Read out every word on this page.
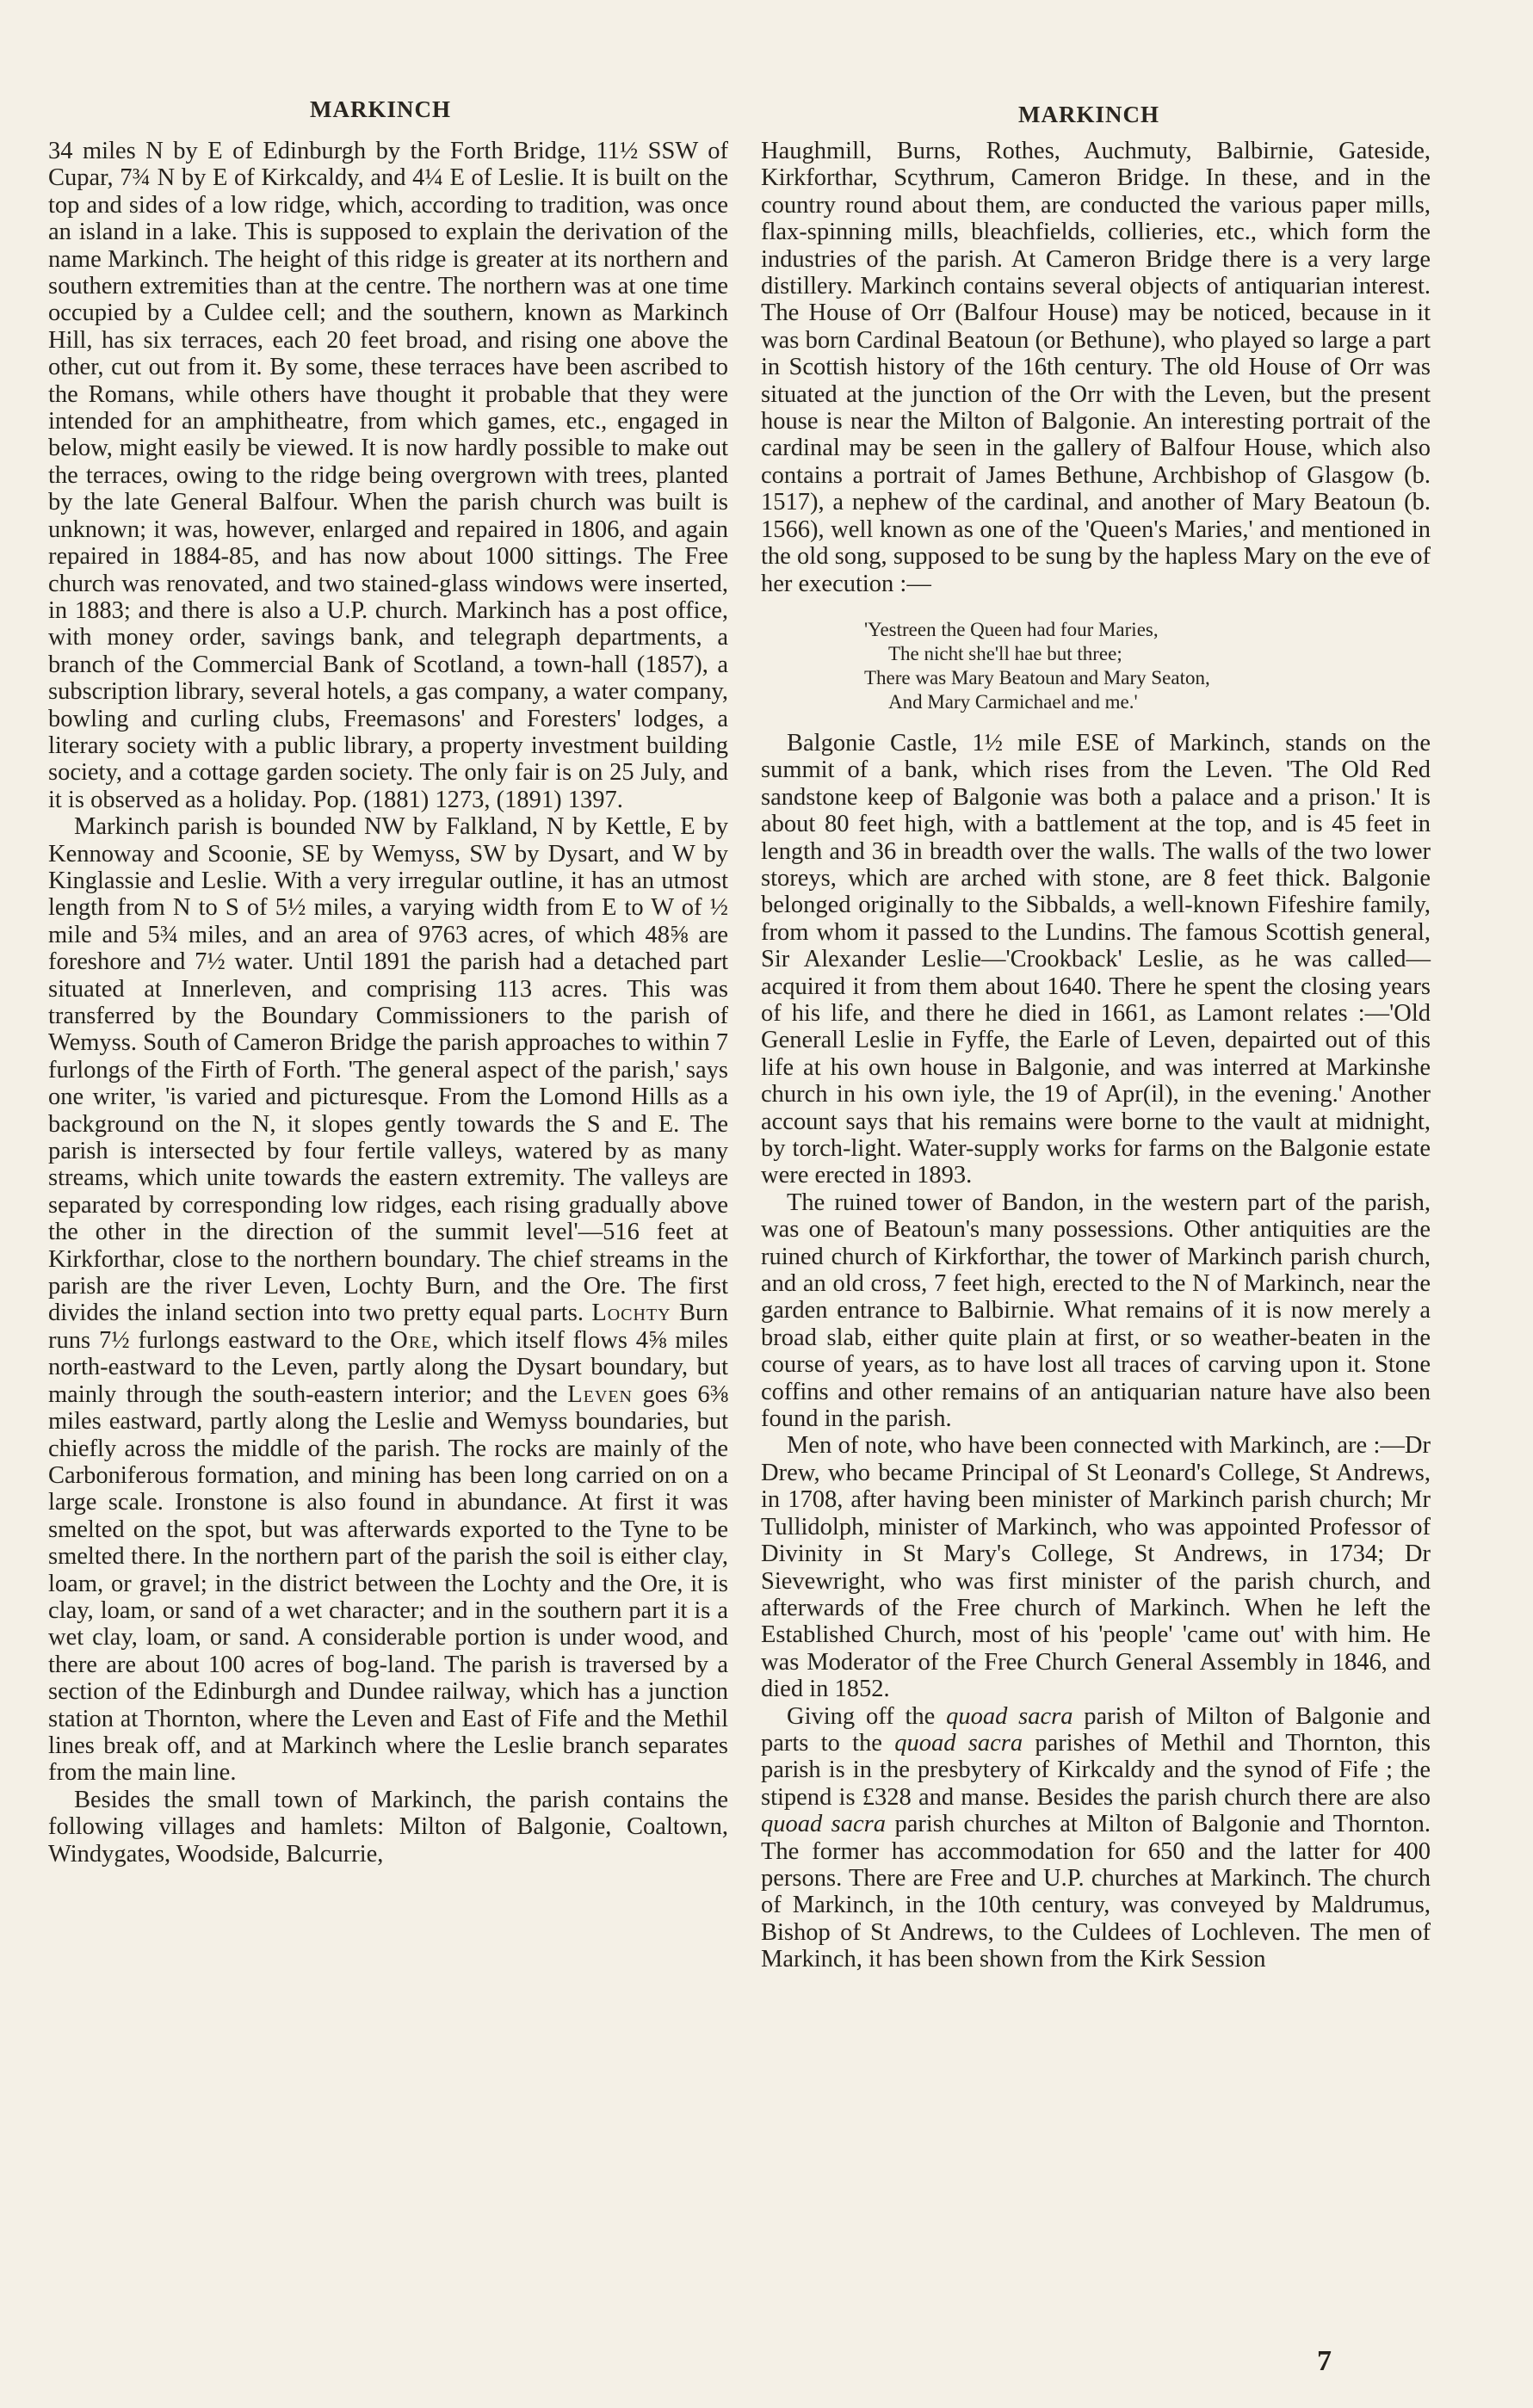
MARKINCH	MARKINCH

34 miles N by E of Edinburgh by the Forth Bridge, 11½ SSW of Cupar, 7¾ N by E of Kirkcaldy, and 4¼ E of Leslie. It is built on the top and sides of a low ridge, which, according to tradition, was once an island in a lake. This is supposed to explain the derivation of the name Markinch. The height of this ridge is greater at its northern and southern extremities than at the centre. The northern was at one time occupied by a Culdee cell; and the southern, known as Markinch Hill, has six terraces, each 20 feet broad, and rising one above the other, cut out from it. By some, these terraces have been ascribed to the Romans, while others have thought it probable that they were intended for an amphitheatre, from which games, etc., engaged in below, might easily be viewed. It is now hardly possible to make out the terraces, owing to the ridge being overgrown with trees, planted by the late General Balfour. When the parish church was built is unknown; it was, however, enlarged and repaired in 1806, and again repaired in 1884-85, and has now about 1000 sittings. The Free church was renovated, and two stained-glass windows were inserted, in 1883; and there is also a U.P. church. Markinch has a post office, with money order, savings bank, and telegraph departments, a branch of the Commercial Bank of Scotland, a town-hall (1857), a subscription library, several hotels, a gas company, a water company, bowling and curling clubs, Freemasons' and Foresters' lodges, a literary society with a public library, a property investment building society, and a cottage garden society. The only fair is on 25 July, and it is observed as a holiday. Pop. (1881) 1273, (1891) 1397.

Markinch parish is bounded NW by Falkland, N by Kettle, E by Kennoway and Scoonie, SE by Wemyss, SW by Dysart, and W by Kinglassie and Leslie. With a very irregular outline, it has an utmost length from N to S of 5½ miles, a varying width from E to W of ½ mile and 5¾ miles, and an area of 9763 acres, of which 48⅝ are foreshore and 7½ water. Until 1891 the parish had a detached part situated at Innerleven, and comprising 113 acres. This was transferred by the Boundary Commissioners to the parish of Wemyss. South of Cameron Bridge the parish approaches to within 7 furlongs of the Firth of Forth. 'The general aspect of the parish,' says one writer, 'is varied and picturesque. From the Lomond Hills as a background on the N, it slopes gently towards the S and E. The parish is intersected by four fertile valleys, watered by as many streams, which unite towards the eastern extremity. The valleys are separated by corresponding low ridges, each rising gradually above the other in the direction of the summit level'—516 feet at Kirkforthar, close to the northern boundary. The chief streams in the parish are the river Leven, Lochty Burn, and the Ore. The first divides the inland section into two pretty equal parts. Lochty Burn runs 7½ furlongs eastward to the Ore, which itself flows 4⅝ miles north-eastward to the Leven, partly along the Dysart boundary, but mainly through the south-eastern interior; and the Leven goes 6⅜ miles eastward, partly along the Leslie and Wemyss boundaries, but chiefly across the middle of the parish. The rocks are mainly of the Carboniferous formation, and mining has been long carried on on a large scale. Ironstone is also found in abundance. At first it was smelted on the spot, but was afterwards exported to the Tyne to be smelted there. In the northern part of the parish the soil is either clay, loam, or gravel; in the district between the Lochty and the Ore, it is clay, loam, or sand of a wet character; and in the southern part it is a wet clay, loam, or sand. A considerable portion is under wood, and there are about 100 acres of bog-land. The parish is traversed by a section of the Edinburgh and Dundee railway, which has a junction station at Thornton, where the Leven and East of Fife and the Methil lines break off, and at Markinch where the Leslie branch separates from the main line.

Besides the small town of Markinch, the parish contains the following villages and hamlets: Milton of Balgonie, Coaltown, Windygates, Woodside, Balcurrie,

Haughmill, Burns, Rothes, Auchmuty, Balbirnie, Gateside, Kirkforthar, Scythrum, Cameron Bridge. In these, and in the country round about them, are conducted the various paper mills, flax-spinning mills, bleachfields, collieries, etc., which form the industries of the parish. At Cameron Bridge there is a very large distillery. Markinch contains several objects of antiquarian interest. The House of Orr (Balfour House) may be noticed, because in it was born Cardinal Beatoun (or Bethune), who played so large a part in Scottish history of the 16th century. The old House of Orr was situated at the junction of the Orr with the Leven, but the present house is near the Milton of Balgonie. An interesting portrait of the cardinal may be seen in the gallery of Balfour House, which also contains a portrait of James Bethune, Archbishop of Glasgow (b. 1517), a nephew of the cardinal, and another of Mary Beatoun (b. 1566), well known as one of the 'Queen's Maries,' and mentioned in the old song, supposed to be sung by the hapless Mary on the eve of her execution :—

'Yestreen the Queen had four Maries,
The nicht she'll hae but three;
There was Mary Beatoun and Mary Seaton,
And Mary Carmichael and me.'

Balgonie Castle, 1½ mile ESE of Markinch, stands on the summit of a bank, which rises from the Leven. 'The Old Red sandstone keep of Balgonie was both a palace and a prison.' It is about 80 feet high, with a battlement at the top, and is 45 feet in length and 36 in breadth over the walls. The walls of the two lower storeys, which are arched with stone, are 8 feet thick. Balgonie belonged originally to the Sibbalds, a well-known Fifeshire family, from whom it passed to the Lundins. The famous Scottish general, Sir Alexander Leslie—'Crookback' Leslie, as he was called—acquired it from them about 1640. There he spent the closing years of his life, and there he died in 1661, as Lamont relates :—'Old Generall Leslie in Fyffe, the Earle of Leven, depairted out of this life at his own house in Balgonie, and was interred at Markinshe church in his own iyle, the 19 of Apr(il), in the evening.' Another account says that his remains were borne to the vault at midnight, by torch-light. Water-supply works for farms on the Balgonie estate were erected in 1893.

The ruined tower of Bandon, in the western part of the parish, was one of Beatoun's many possessions. Other antiquities are the ruined church of Kirkforthar, the tower of Markinch parish church, and an old cross, 7 feet high, erected to the N of Markinch, near the garden entrance to Balbirnie. What remains of it is now merely a broad slab, either quite plain at first, or so weather-beaten in the course of years, as to have lost all traces of carving upon it. Stone coffins and other remains of an antiquarian nature have also been found in the parish.

Men of note, who have been connected with Markinch, are :—Dr Drew, who became Principal of St Leonard's College, St Andrews, in 1708, after having been minister of Markinch parish church; Mr Tullidolph, minister of Markinch, who was appointed Professor of Divinity in St Mary's College, St Andrews, in 1734; Dr Sievewright, who was first minister of the parish church, and afterwards of the Free church of Markinch. When he left the Established Church, most of his 'people' 'came out' with him. He was Moderator of the Free Church General Assembly in 1846, and died in 1852.

Giving off the quoad sacra parish of Milton of Balgonie and parts to the quoad sacra parishes of Methil and Thornton, this parish is in the presbytery of Kirkcaldy and the synod of Fife ; the stipend is £328 and manse. Besides the parish church there are also quoad sacra parish churches at Milton of Balgonie and Thornton. The former has accommodation for 650 and the latter for 400 persons. There are Free and U.P. churches at Markinch. The church of Markinch, in the 10th century, was conveyed by Maldrumus, Bishop of St Andrews, to the Culdees of Lochleven. The men of Markinch, it has been shown from the Kirk Session

7
